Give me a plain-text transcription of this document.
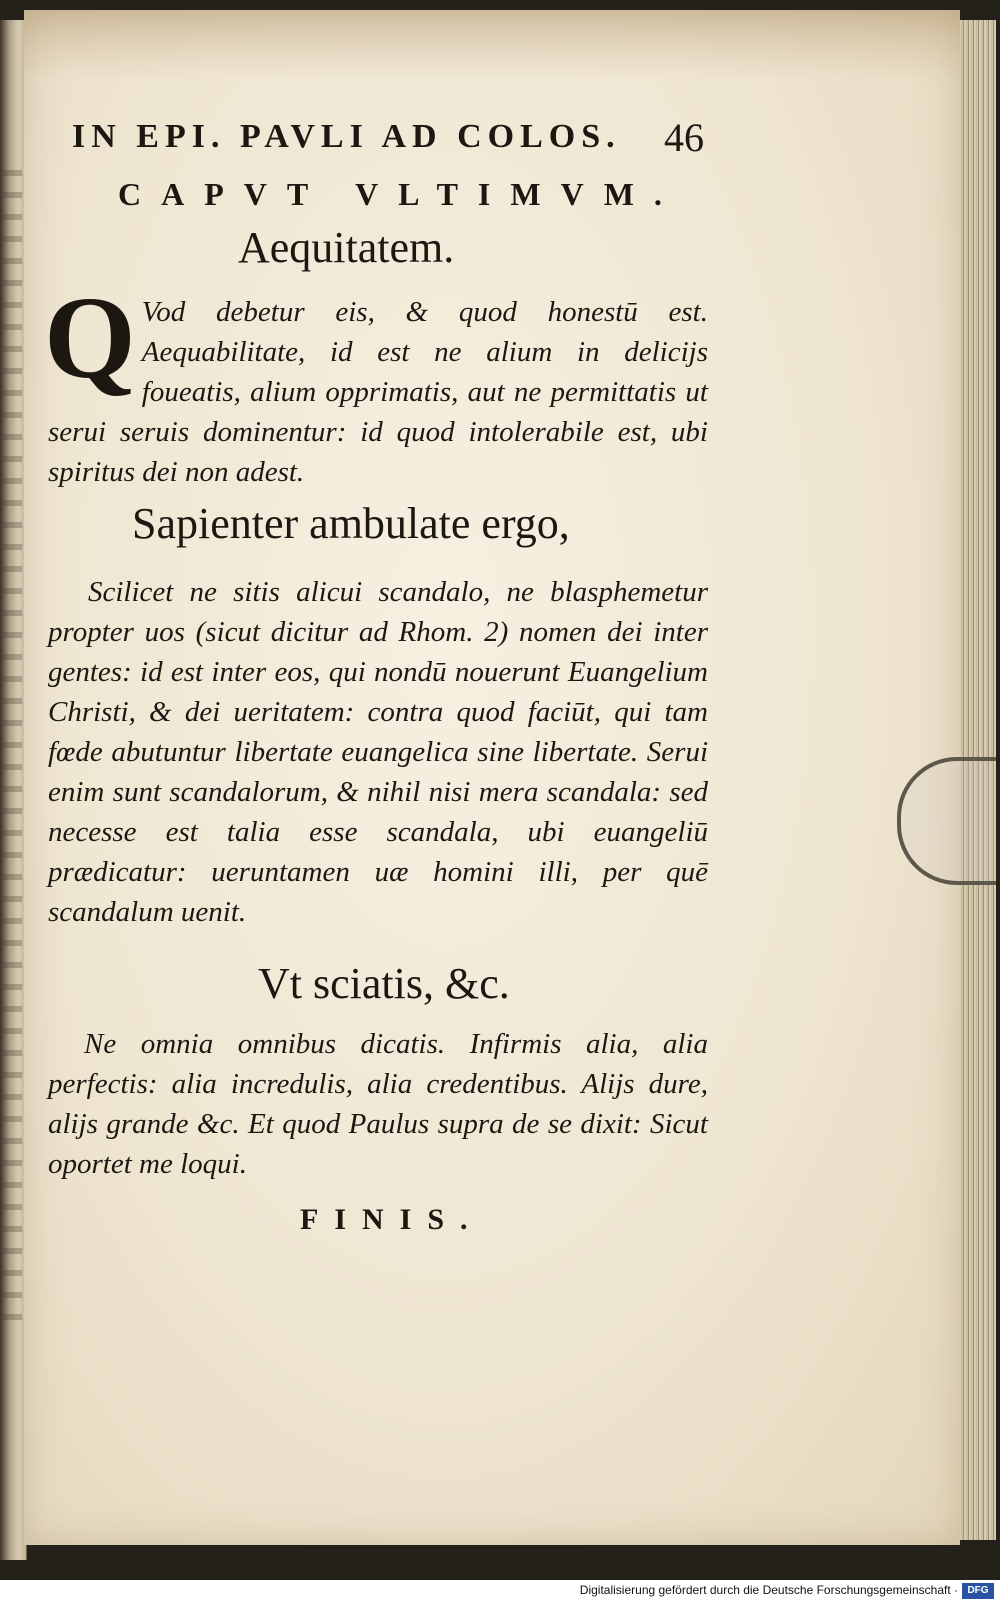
IN EPI. PAVLI AD COLOS. 46
CAPVT VLTIMVM.
Aequitatem.
Q Vod debetur eis, & quod honestū est. Aequabilitate, id est ne alium in delicijs foueatis, alium opprimatis, aut ne permittatis ut serui seruis dominentur: id quod intolerabile est, ubi spiritus dei non adest.
Sapienter ambulate ergo,
Scilicet ne sitis alicui scandalo, ne blasphemetur propter uos (sicut dicitur ad Rhom. 2) nomen dei inter gentes: id est inter eos, qui nondū nouerunt Euangelium Christi, & dei ueritatem: contra quod faciūt, qui tam fœde abutuntur libertate euangelica sine libertate. Serui enim sunt scandalorum, & nihil nisi mera scandala: sed necesse est talia esse scandala, ubi euangeliū prædicatur: ueruntamen uæ homini illi, per quē scandalum uenit.
Vt sciatis, &c.
Ne omnia omnibus dicatis. Infirmis alia, alia perfectis: alia incredulis, alia credentibus. Alijs dure, alijs grande &c. Et quod Paulus supra de se dixit: Sicut oportet me loqui.
FINIS.
Digitalisierung gefördert durch die Deutsche Forschungsgemeinschaft · DFG
